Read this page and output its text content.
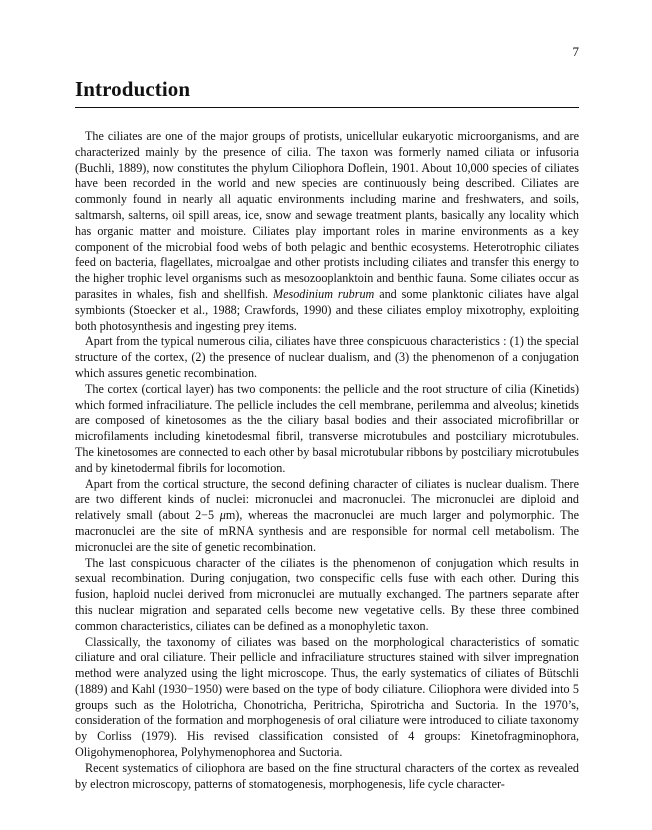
7
Introduction

The ciliates are one of the major groups of protists, unicellular eukaryotic microorganisms, and are characterized mainly by the presence of cilia. The taxon was formerly named ciliata or infusoria (Buchli, 1889), now constitutes the phylum Ciliophora Doflein, 1901. About 10,000 species of ciliates have been recorded in the world and new species are continuously being described. Ciliates are commonly found in nearly all aquatic environments including marine and freshwaters, and soils, saltmarsh, salterns, oil spill areas, ice, snow and sewage treatment plants, basically any locality which has organic matter and moisture. Ciliates play important roles in marine environments as a key component of the microbial food webs of both pelagic and benthic ecosystems. Heterotrophic ciliates feed on bacteria, flagellates, microalgae and other protists including ciliates and transfer this energy to the higher trophic level organisms such as mesozooplanktoin and benthic fauna. Some ciliates occur as parasites in whales, fish and shellfish. Mesodinium rubrum and some planktonic ciliates have algal symbionts (Stoecker et al., 1988; Crawfords, 1990) and these ciliates employ mixotrophy, exploiting both photosynthesis and ingesting prey items.

Apart from the typical numerous cilia, ciliates have three conspicuous characteristics : (1) the special structure of the cortex, (2) the presence of nuclear dualism, and (3) the phenomenon of a conjugation which assures genetic recombination.

The cortex (cortical layer) has two components: the pellicle and the root structure of cilia (Kinetids) which formed infraciliature. The pellicle includes the cell membrane, perilemma and alveolus; kinetids are composed of kinetosomes as the the ciliary basal bodies and their associated microfibrillar or microfilaments including kinetodesmal fibril, transverse microtubules and postciliary microtubules. The kinetosomes are connected to each other by basal microtubular ribbons by postciliary microtubules and by kinetodermal fibrils for locomotion.

Apart from the cortical structure, the second defining character of ciliates is nuclear dualism. There are two different kinds of nuclei: micronuclei and macronuclei. The micronuclei are diploid and relatively small (about 2−5 μm), whereas the macronuclei are much larger and polymorphic. The macronuclei are the site of mRNA synthesis and are responsible for normal cell metabolism. The micronuclei are the site of genetic recombination.

The last conspicuous character of the ciliates is the phenomenon of conjugation which results in sexual recombination. During conjugation, two conspecific cells fuse with each other. During this fusion, haploid nuclei derived from micronuclei are mutually exchanged. The partners separate after this nuclear migration and separated cells become new vegetative cells. By these three combined common characteristics, ciliates can be defined as a monophyletic taxon.

Classically, the taxonomy of ciliates was based on the morphological characteristics of somatic ciliature and oral ciliature. Their pellicle and infraciliature structures stained with silver impregnation method were analyzed using the light microscope. Thus, the early systematics of ciliates of Bütschli (1889) and Kahl (1930−1950) were based on the type of body ciliature. Ciliophora were divided into 5 groups such as the Holotricha, Chonotricha, Peritricha, Spirotricha and Suctoria. In the 1970’s, consideration of the formation and morphogenesis of oral ciliature were introduced to ciliate taxonomy by Corliss (1979). His revised classification consisted of 4 groups: Kinetofragminophora, Oligohymenophorea, Polyhymenophorea and Suctoria.

Recent systematics of ciliophora are based on the fine structural characters of the cortex as revealed by electron microscopy, patterns of stomatogenesis, morphogenesis, life cycle character-
